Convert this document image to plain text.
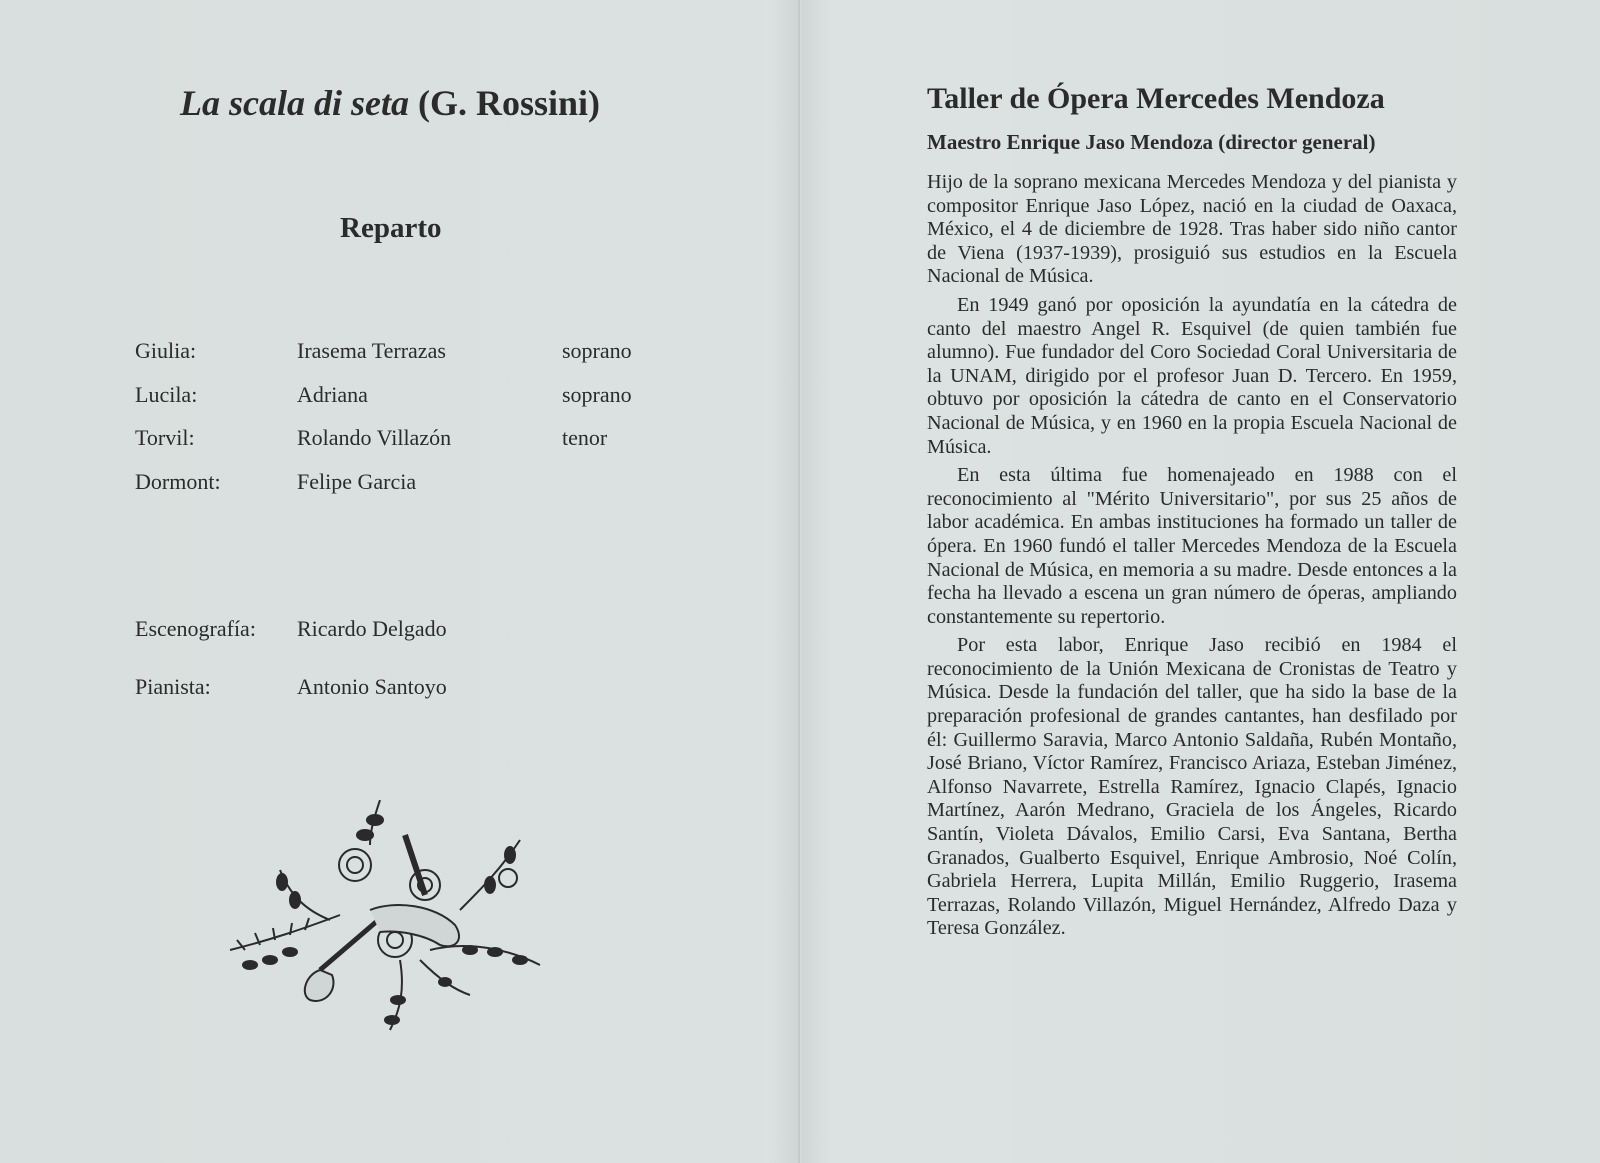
La scala di seta (G. Rossini)
Reparto
Giulia:	Irasema Terrazas	soprano
Lucila:	Adriana	soprano
Torvil:	Rolando Villazón	tenor
Dormont:	Felipe Garcia
Escenografía: Ricardo Delgado
Pianista:	Antonio Santoyo
Taller de Ópera Mercedes Mendoza
Maestro Enrique Jaso Mendoza (director general)

Hijo de la soprano mexicana Mercedes Mendoza y del pianista y compositor Enrique Jaso López, nació en la ciudad de Oaxaca, México, el 4 de diciembre de 1928. Tras haber sido niño cantor de Viena (1937-1939), prosiguió sus estudios en la Escuela Nacional de Música.

En 1949 ganó por oposición la ayundatía en la cátedra de canto del maestro Angel R. Esquivel (de quien también fue alumno). Fue fundador del Coro Sociedad Coral Universitaria de la UNAM, dirigido por el profesor Juan D. Tercero. En 1959, obtuvo por oposición la cátedra de canto en el Conservatorio Nacional de Música, y en 1960 en la propia Escuela Nacional de Música.

En esta última fue homenajeado en 1988 con el reconocimiento al "Mérito Universitario", por sus 25 años de labor académica. En ambas instituciones ha formado un taller de ópera. En 1960 fundó el taller Mercedes Mendoza de la Escuela Nacional de Música, en memoria a su madre. Desde entonces a la fecha ha llevado a escena un gran número de óperas, ampliando constantemente su repertorio.

Por esta labor, Enrique Jaso recibió en 1984 el reconocimiento de la Unión Mexicana de Cronistas de Teatro y Música. Desde la fundación del taller, que ha sido la base de la preparación profesional de grandes cantantes, han desfilado por él: Guillermo Saravia, Marco Antonio Saldaña, Rubén Montaño, José Briano, Víctor Ramírez, Francisco Ariaza, Esteban Jiménez, Alfonso Navarrete, Estrella Ramírez, Ignacio Clapés, Ignacio Martínez, Aarón Medrano, Graciela de los Ángeles, Ricardo Santín, Violeta Dávalos, Emilio Carsi, Eva Santana, Bertha Granados, Gualberto Esquivel, Enrique Ambrosio, Noé Colín, Gabriela Herrera, Lupita Millán, Emilio Ruggerio, Irasema Terrazas, Rolando Villazón, Miguel Hernández, Alfredo Daza y Teresa González.
